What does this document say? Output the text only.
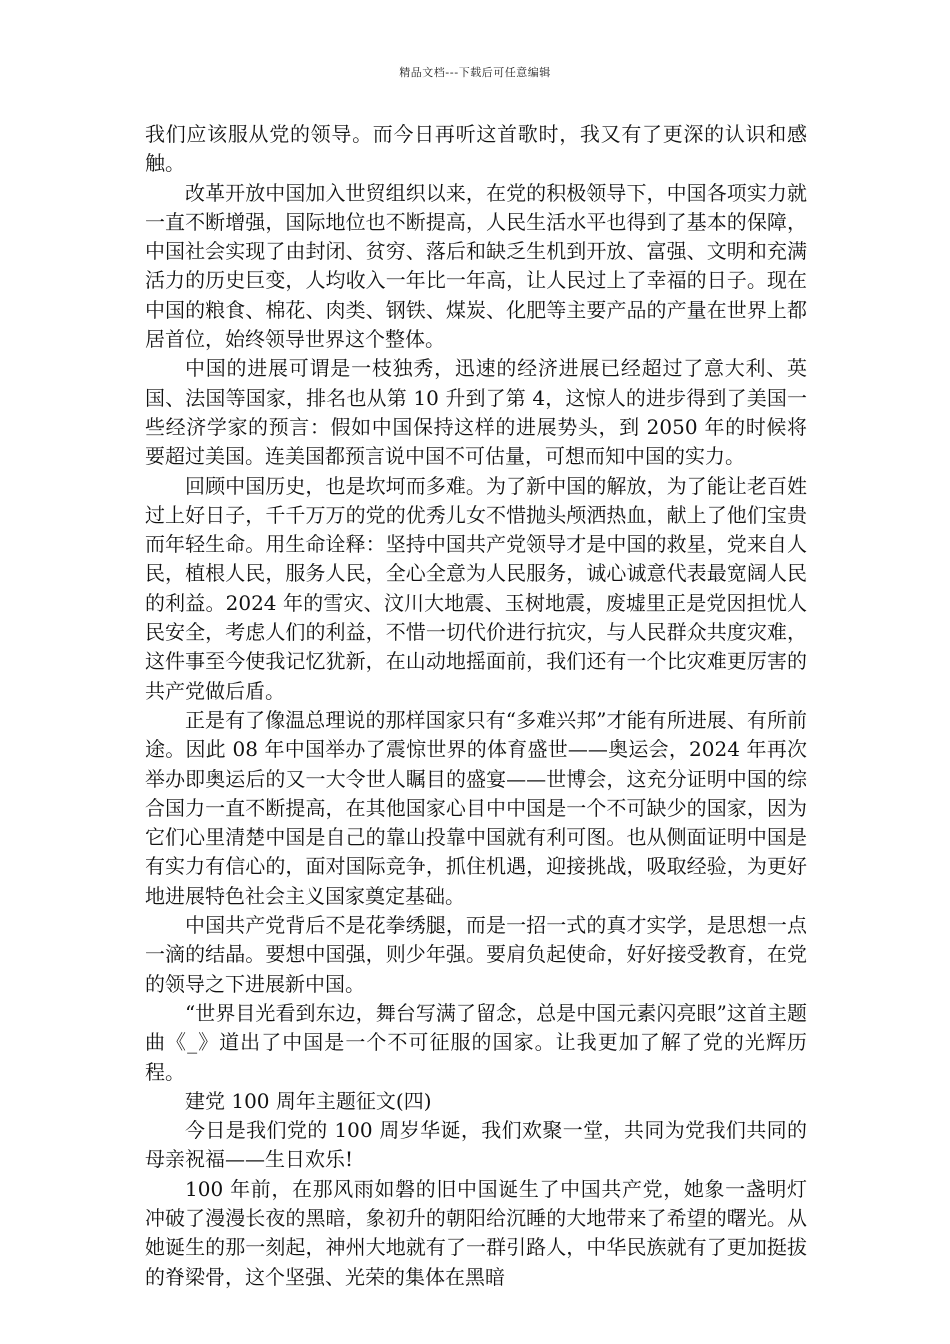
精品文档---下载后可任意编辑

我们应该服从党的领导。而今日再听这首歌时，我又有了更深的认识和感触。

改革开放中国加入世贸组织以来，在党的积极领导下，中国各项实力就一直不断增强，国际地位也不断提高，人民生活水平也得到了基本的保障，中国社会实现了由封闭、贫穷、落后和缺乏生机到开放、富强、文明和充满活力的历史巨变，人均收入一年比一年高，让人民过上了幸福的日子。现在中国的粮食、棉花、肉类、钢铁、煤炭、化肥等主要产品的产量在世界上都居首位，始终领导世界这个整体。

中国的进展可谓是一枝独秀，迅速的经济进展已经超过了意大利、英国、法国等国家，排名也从第 10 升到了第 4，这惊人的进步得到了美国一些经济学家的预言：假如中国保持这样的进展势头，到 2050 年的时候将要超过美国。连美国都预言说中国不可估量，可想而知中国的实力。

回顾中国历史，也是坎坷而多难。为了新中国的解放，为了能让老百姓过上好日子，千千万万的党的优秀儿女不惜抛头颅洒热血，献上了他们宝贵而年轻生命。用生命诠释：坚持中国共产党领导才是中国的救星，党来自人民，植根人民，服务人民，全心全意为人民服务，诚心诚意代表最宽阔人民的利益。2024 年的雪灾、汶川大地震、玉树地震，废墟里正是党因担忧人民安全，考虑人们的利益，不惜一切代价进行抗灾，与人民群众共度灾难，这件事至今使我记忆犹新，在山动地摇面前，我们还有一个比灾难更厉害的共产党做后盾。

正是有了像温总理说的那样国家只有“多难兴邦”才能有所进展、有所前途。因此 08 年中国举办了震惊世界的体育盛世——奥运会，2024 年再次举办即奥运后的又一大令世人瞩目的盛宴——世博会，这充分证明中国的综合国力一直不断提高，在其他国家心目中中国是一个不可缺少的国家，因为它们心里清楚中国是自己的靠山投靠中国就有利可图。也从侧面证明中国是有实力有信心的，面对国际竞争，抓住机遇，迎接挑战，吸取经验，为更好地进展特色社会主义国家奠定基础。

中国共产党背后不是花拳绣腿，而是一招一式的真才实学，是思想一点一滴的结晶。要想中国强，则少年强。要肩负起使命，好好接受教育，在党的领导之下进展新中国。

“世界目光看到东边，舞台写满了留念，总是中国元素闪亮眼”这首主题曲《_》道出了中国是一个不可征服的国家。让我更加了解了党的光辉历程。

建党 100 周年主题征文(四)

今日是我们党的 100 周岁华诞，我们欢聚一堂，共同为党我们共同的母亲祝福——生日欢乐!

100 年前，在那风雨如磐的旧中国诞生了中国共产党，她象一盏明灯冲破了漫漫长夜的黑暗，象初升的朝阳给沉睡的大地带来了希望的曙光。从她诞生的那一刻起，神州大地就有了一群引路人，中华民族就有了更加挺拔的脊梁骨，这个坚强、光荣的集体在黑暗
